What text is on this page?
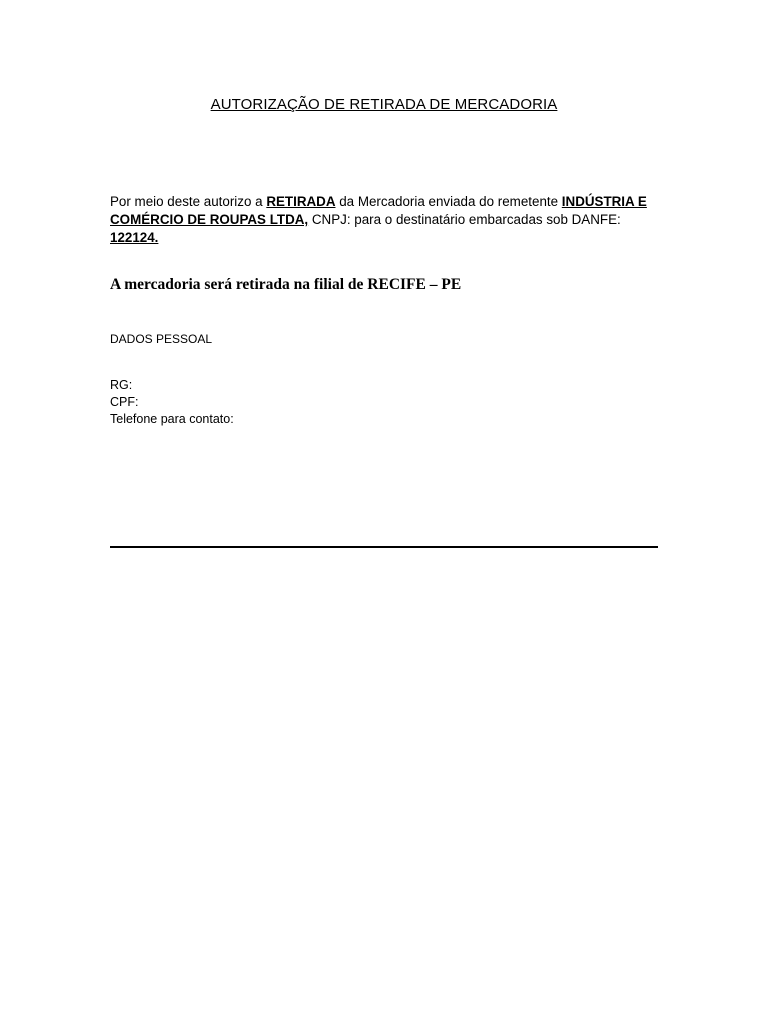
AUTORIZAÇÃO DE RETIRADA DE MERCADORIA
Por meio deste autorizo a RETIRADA da Mercadoria enviada do remetente INDÚSTRIA E COMÉRCIO DE ROUPAS LTDA, CNPJ: para o destinatário embarcadas sob DANFE: 122124.
A mercadoria será retirada na filial de RECIFE – PE
DADOS PESSOAL
RG:
CPF:
Telefone para contato:
